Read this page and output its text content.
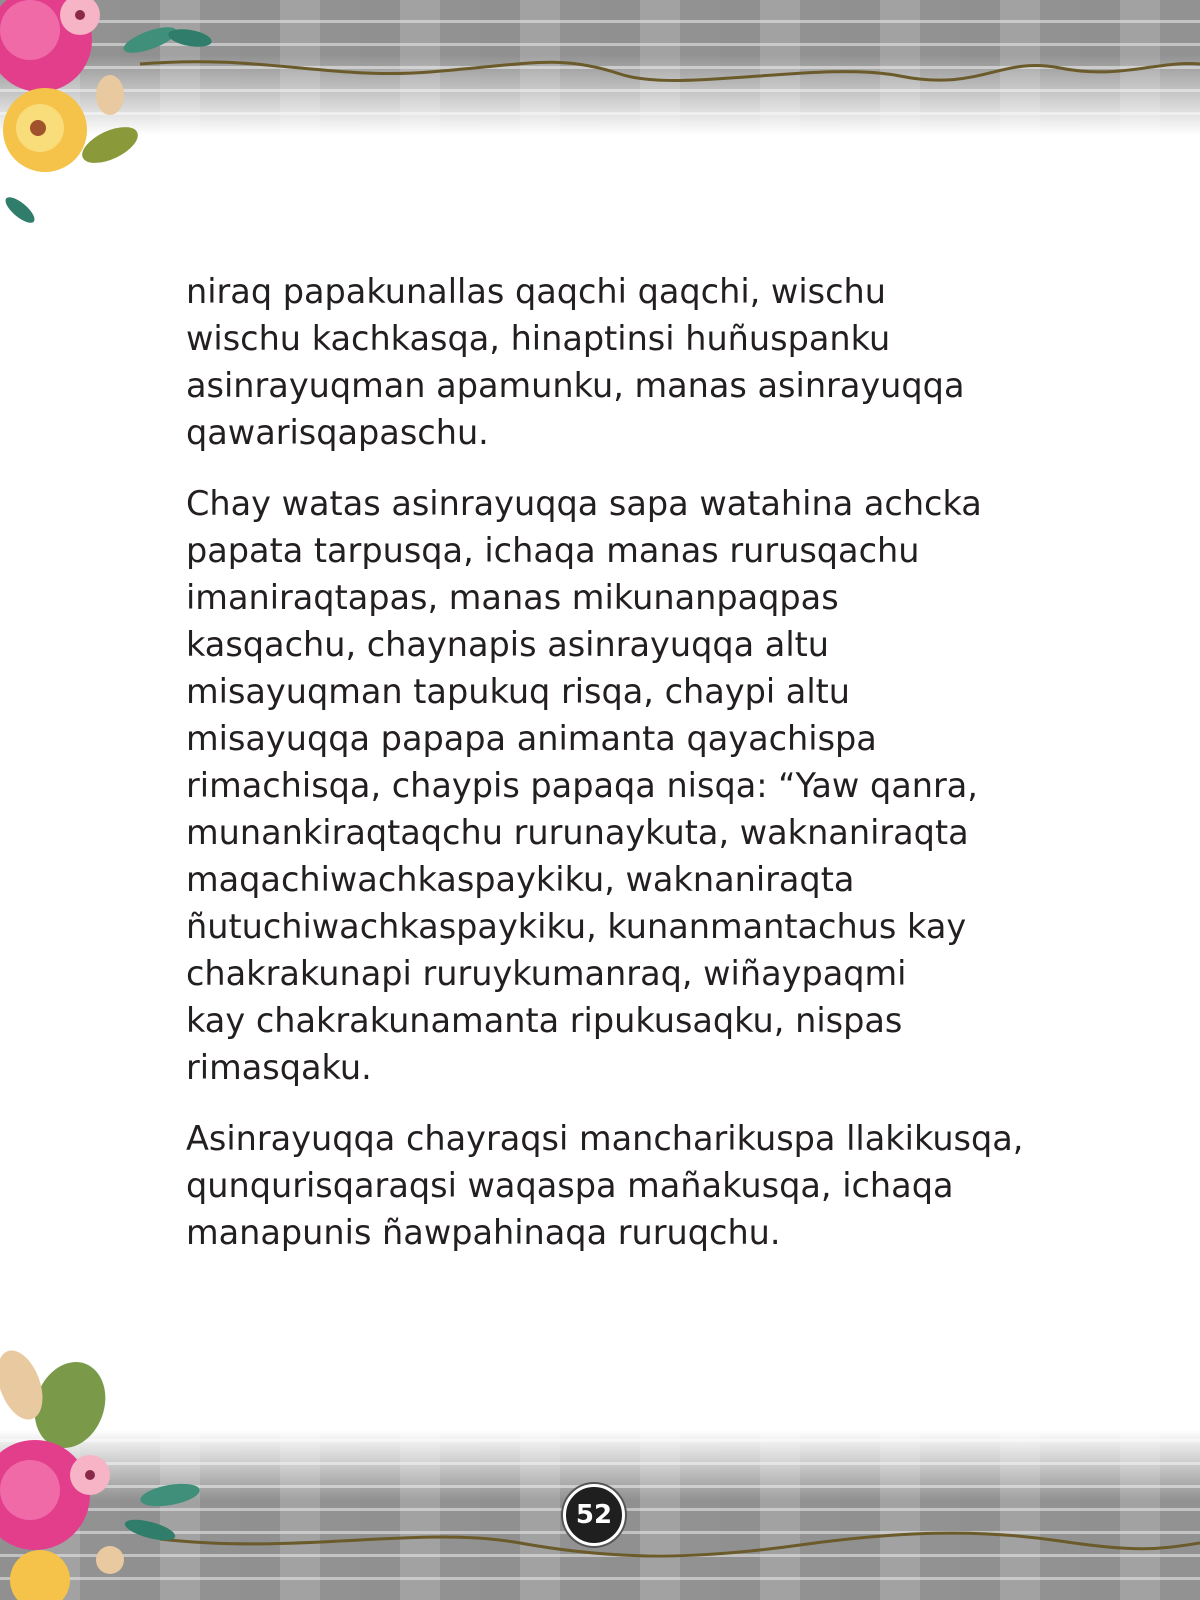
niraq papakunallas qaqchi qaqchi, wischu
wischu kachkasqa, hinaptinsi huñuspanku
asinrayuqman apamunku, manas asinrayuqqa
qawarisqapaschu.

Chay watas asinrayuqqa sapa watahina achcka
papata tarpusqa, ichaqa manas rurusqachu
imaniraqtapas, manas mikunanpaqpas
kasqachu, chaynapis asinrayuqqa altu
misayuqman tapukuq risqa, chaypi altu
misayuqqa papapa animanta qayachispa
rimachisqa, chaypis papaqa nisqa: “Yaw qanra,
munankiraqtaqchu rurunaykuta, waknaniraqta
maqachiwachkaspaykiku, waknaniraqta
ñutuchiwachkaspaykiku, kunanmantachus kay
chakrakunapi ruruykumanraq, wiñaypaqmi
kay chakrakunamanta ripukusaqku, nispas
rimasqaku.

Asinrayuqqa chayraqsi mancharikuspa llakikusqa,
qunqurisqaraqsi waqaspa mañakusqa, ichaqa
manapunis ñawpahinaqa ruruqchu.

52
